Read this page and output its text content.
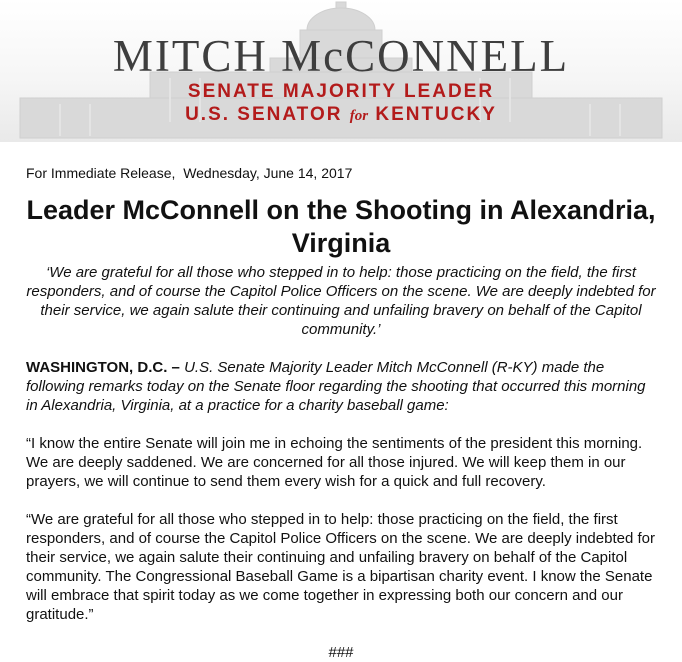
MITCH McCONNELL
SENATE MAJORITY LEADER
U.S. SENATOR for KENTUCKY

For Immediate Release, Wednesday, June 14, 2017

Leader McConnell on the Shooting in Alexandria, Virginia

‘We are grateful for all those who stepped in to help: those practicing on the field, the first responders, and of course the Capitol Police Officers on the scene. We are deeply indebted for their service, we again salute their continuing and unfailing bravery on behalf of the Capitol community.’

WASHINGTON, D.C. – U.S. Senate Majority Leader Mitch McConnell (R-KY) made the following remarks today on the Senate floor regarding the shooting that occurred this morning in Alexandria, Virginia, at a practice for a charity baseball game:

“I know the entire Senate will join me in echoing the sentiments of the president this morning. We are deeply saddened. We are concerned for all those injured. We will keep them in our prayers, we will continue to send them every wish for a quick and full recovery.

“We are grateful for all those who stepped in to help: those practicing on the field, the first responders, and of course the Capitol Police Officers on the scene. We are deeply indebted for their service, we again salute their continuing and unfailing bravery on behalf of the Capitol community. The Congressional Baseball Game is a bipartisan charity event. I know the Senate will embrace that spirit today as we come together in expressing both our concern and our gratitude.”

###
